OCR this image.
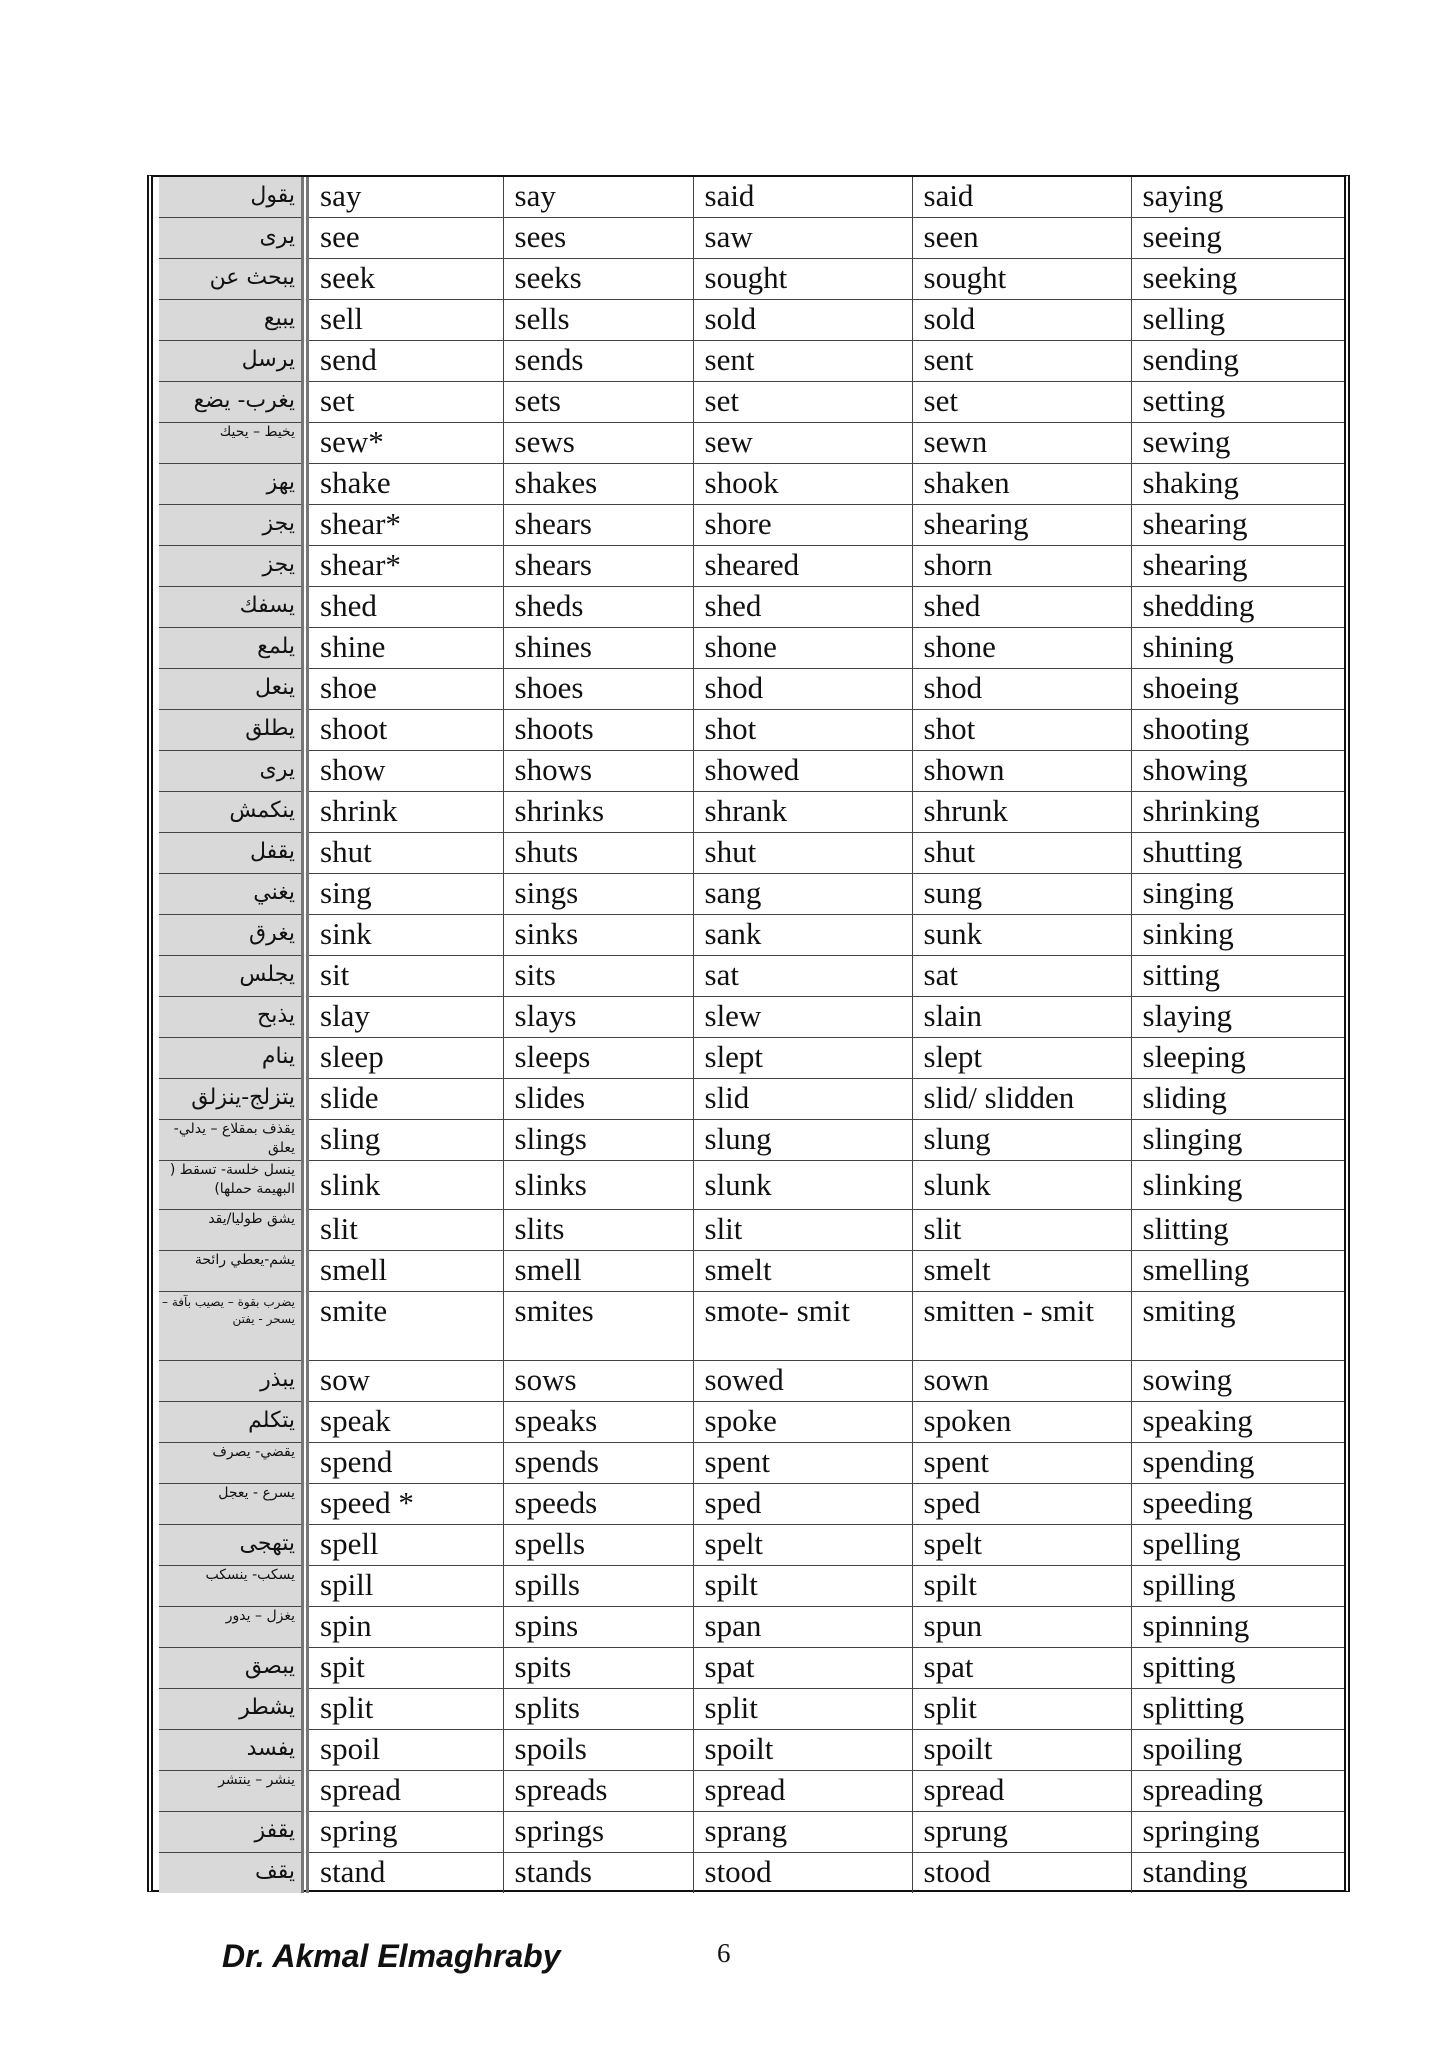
يقول	say	say	said	said	saying
يرى	see	sees	saw	seen	seeing
يبحث عن	seek	seeks	sought	sought	seeking
يبيع	sell	sells	sold	sold	selling
يرسل	send	sends	sent	sent	sending
يغرب- يضع	set	sets	set	set	setting
يخيط – يحيك	sew*	sews	sew	sewn	sewing
يهز	shake	shakes	shook	shaken	shaking
يجز	shear*	shears	shore	shearing	shearing
يجز	shear*	shears	sheared	shorn	shearing
يسفك	shed	sheds	shed	shed	shedding
يلمع	shine	shines	shone	shone	shining
ينعل	shoe	shoes	shod	shod	shoeing
يطلق	shoot	shoots	shot	shot	shooting
يرى	show	shows	showed	shown	showing
ينكمش	shrink	shrinks	shrank	shrunk	shrinking
يقفل	shut	shuts	shut	shut	shutting
يغني	sing	sings	sang	sung	singing
يغرق	sink	sinks	sank	sunk	sinking
يجلس	sit	sits	sat	sat	sitting
يذبح	slay	slays	slew	slain	slaying
ينام	sleep	sleeps	slept	slept	sleeping
يتزلج-ينزلق	slide	slides	slid	slid/ slidden	sliding
يقذف بمقلاع – يدلي-يعلق	sling	slings	slung	slung	slinging
ينسل خلسة- تسقط ( البهيمة حملها)	slink	slinks	slunk	slunk	slinking
يشق طوليا/يقد	slit	slits	slit	slit	slitting
يشم-يعطي رائحة	smell	smell	smelt	smelt	smelling
يضرب بقوة – يصيب بآفة – يسحر - يفتن	smite	smites	smote- smit	smitten - smit	smiting
يبذر	sow	sows	sowed	sown	sowing
يتكلم	speak	speaks	spoke	spoken	speaking
يقضي- يصرف	spend	spends	spent	spent	spending
يسرع - يعجل	speed *	speeds	sped	sped	speeding
يتهجى	spell	spells	spelt	spelt	spelling
يسكب- ينسكب	spill	spills	spilt	spilt	spilling
يغزل – يدور	spin	spins	span	spun	spinning
يبصق	spit	spits	spat	spat	spitting
يشطر	split	splits	split	split	splitting
يفسد	spoil	spoils	spoilt	spoilt	spoiling
ينشر – ينتشر	spread	spreads	spread	spread	spreading
يقفز	spring	springs	sprang	sprung	springing
يقف	stand	stands	stood	stood	standing
Dr. Akmal Elmaghraby	6
